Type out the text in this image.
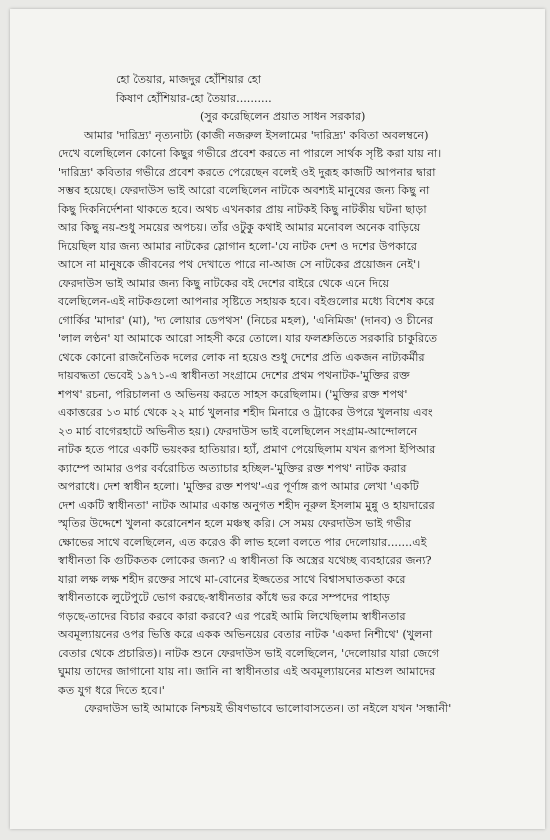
হো তৈয়ার, মাজদুর হোঁশিয়ার হো
কিষাণ হোঁশিয়ার-হো তৈয়ার..........
(সুর করেছিলেন প্রয়াত সাধন সরকার)
আমার 'দারিদ্র্য' নৃত্যনাট্য (কাজী নজরুল ইসলামের 'দারিদ্র্য' কবিতা অবলম্বনে)
দেখে বলেছিলেন কোনো কিছুর গভীরে প্রবেশ করতে না পারলে সার্থক সৃষ্টি করা যায় না।
'দারিদ্র্য' কবিতার গভীরে প্রবেশ করতে পেরেছেন বলেই ওই দুরূহ কাজটি আপনার দ্বারা
সম্ভব হয়েছে। ফেরদাউস ভাই আরো বলেছিলেন নাটকে অবশ্যই মানুষের জন্য কিছু না
কিছু দিকনির্দেশনা থাকতে হবে। অথচ এখনকার প্রায় নাটকই কিছু নাটকীয় ঘটনা ছাড়া
আর কিছু নয়-শুধু সময়ের অপচয়। তাঁর ওটুকু কথাই আমার মনোবল অনেক বাড়িয়ে
দিয়েছিল যার জন্য আমার নাটকের স্লোগান হলো-'যে নাটক দেশ ও দশের উপকারে
আসে না মানুষকে জীবনের পথ দেখাতে পারে না-আজ সে নাটকের প্রয়োজন নেই'।
ফেরদাউস ভাই আমার জন্য কিছু নাটকের বই দেশের বাইরে থেকে এনে দিয়ে
বলেছিলেন-এই নাটকগুলো আপনার সৃষ্টিতে সহায়ক হবে। বইগুলোর মধ্যে বিশেষ করে
গোর্কির 'মাদার' (মা), 'দ্য লোয়ার ডেপথস' (নিচের মহল), 'এনিমিজ' (দানব) ও চীনের
'লাল লণ্ঠন' যা আমাকে আরো সাহসী করে তোলে। যার ফলশ্রুতিতে সরকারি চাকুরিতে
থেকে কোনো রাজনৈতিক দলের লোক না হয়েও শুধু দেশের প্রতি একজন নাট্যকর্মীর
দায়বদ্ধতা ভেবেই ১৯৭১-এ স্বাধীনতা সংগ্রামে দেশের প্রথম পথনাটক-'মুক্তির রক্ত
শপথ' রচনা, পরিচালনা ও অভিনয় করতে সাহস করেছিলাম। ('মুক্তির রক্ত শপথ'
একাত্তরের ১৩ মার্চ থেকে ২২ মার্চ খুলনার শহীদ মিনারে ও ট্রাকের উপরে খুলনায় এবং
২৩ মার্চ বাগেরহাটে অভিনীত হয়।) ফেরদাউস ভাই বলেছিলেন সংগ্রাম-আন্দোলনে
নাটক হতে পারে একটি ভয়ংকর হাতিয়ার। হ্যাঁ, প্রমাণ পেয়েছিলাম যখন রূপসা ইপিআর
ক্যাম্পে আমার ওপর বর্বরোচিত অত্যাচার হচ্ছিল-'মুক্তির রক্ত শপথ' নাটক করার
অপরাধে। দেশ স্বাধীন হলো। 'মুক্তির রক্ত শপথ'-এর পূর্ণাঙ্গ রূপ আমার লেখা 'একটি
দেশ একটি স্বাধীনতা' নাটক আমার একান্ত অনুগত শহীদ নূরুল ইসলাম মুন্নু ও হায়দারের
স্মৃতির উদ্দেশে খুলনা করোনেশন হলে মঞ্চস্থ করি। সে সময় ফেরদাউস ভাই গভীর
ক্ষোভের সাথে বলেছিলেন, এত করেও কী লাভ হলো বলতে পার দেলোয়ার.......এই
স্বাধীনতা কি গুটিকতক লোকের জন্য? এ স্বাধীনতা কি অস্ত্রের যথেচ্ছ ব্যবহারের জন্য?
যারা লক্ষ লক্ষ শহীদ রক্তের সাথে মা-বোনের ইজ্জতের সাথে বিশ্বাসঘাতকতা করে
স্বাধীনতাকে লুটেপুটে ভোগ করছে-স্বাধীনতার কাঁধে ভর করে সম্পদের পাহাড়
গড়ছে-তাদের বিচার করবে কারা করবে? এর পরেই আমি লিখেছিলাম স্বাধীনতার
অবমূল্যায়নের ওপর ভিত্তি করে একক অভিনয়ের বেতার নাটক 'একদা নিশীথে' (খুলনা
বেতার থেকে প্রচারিত)। নাটক শুনে ফেরদাউস ভাই বলেছিলেন, 'দেলোয়ার যারা জেগে
ঘুমায় তাদের জাগানো যায় না। জানি না স্বাধীনতার এই অবমূল্যায়নের মাশুল আমাদের
কত যুগ ধরে দিতে হবে।'
ফেরদাউস ভাই আমাকে নিশ্চয়ই ভীষণভাবে ভালোবাসতেন। তা নইলে যখন 'সন্ধানী'
